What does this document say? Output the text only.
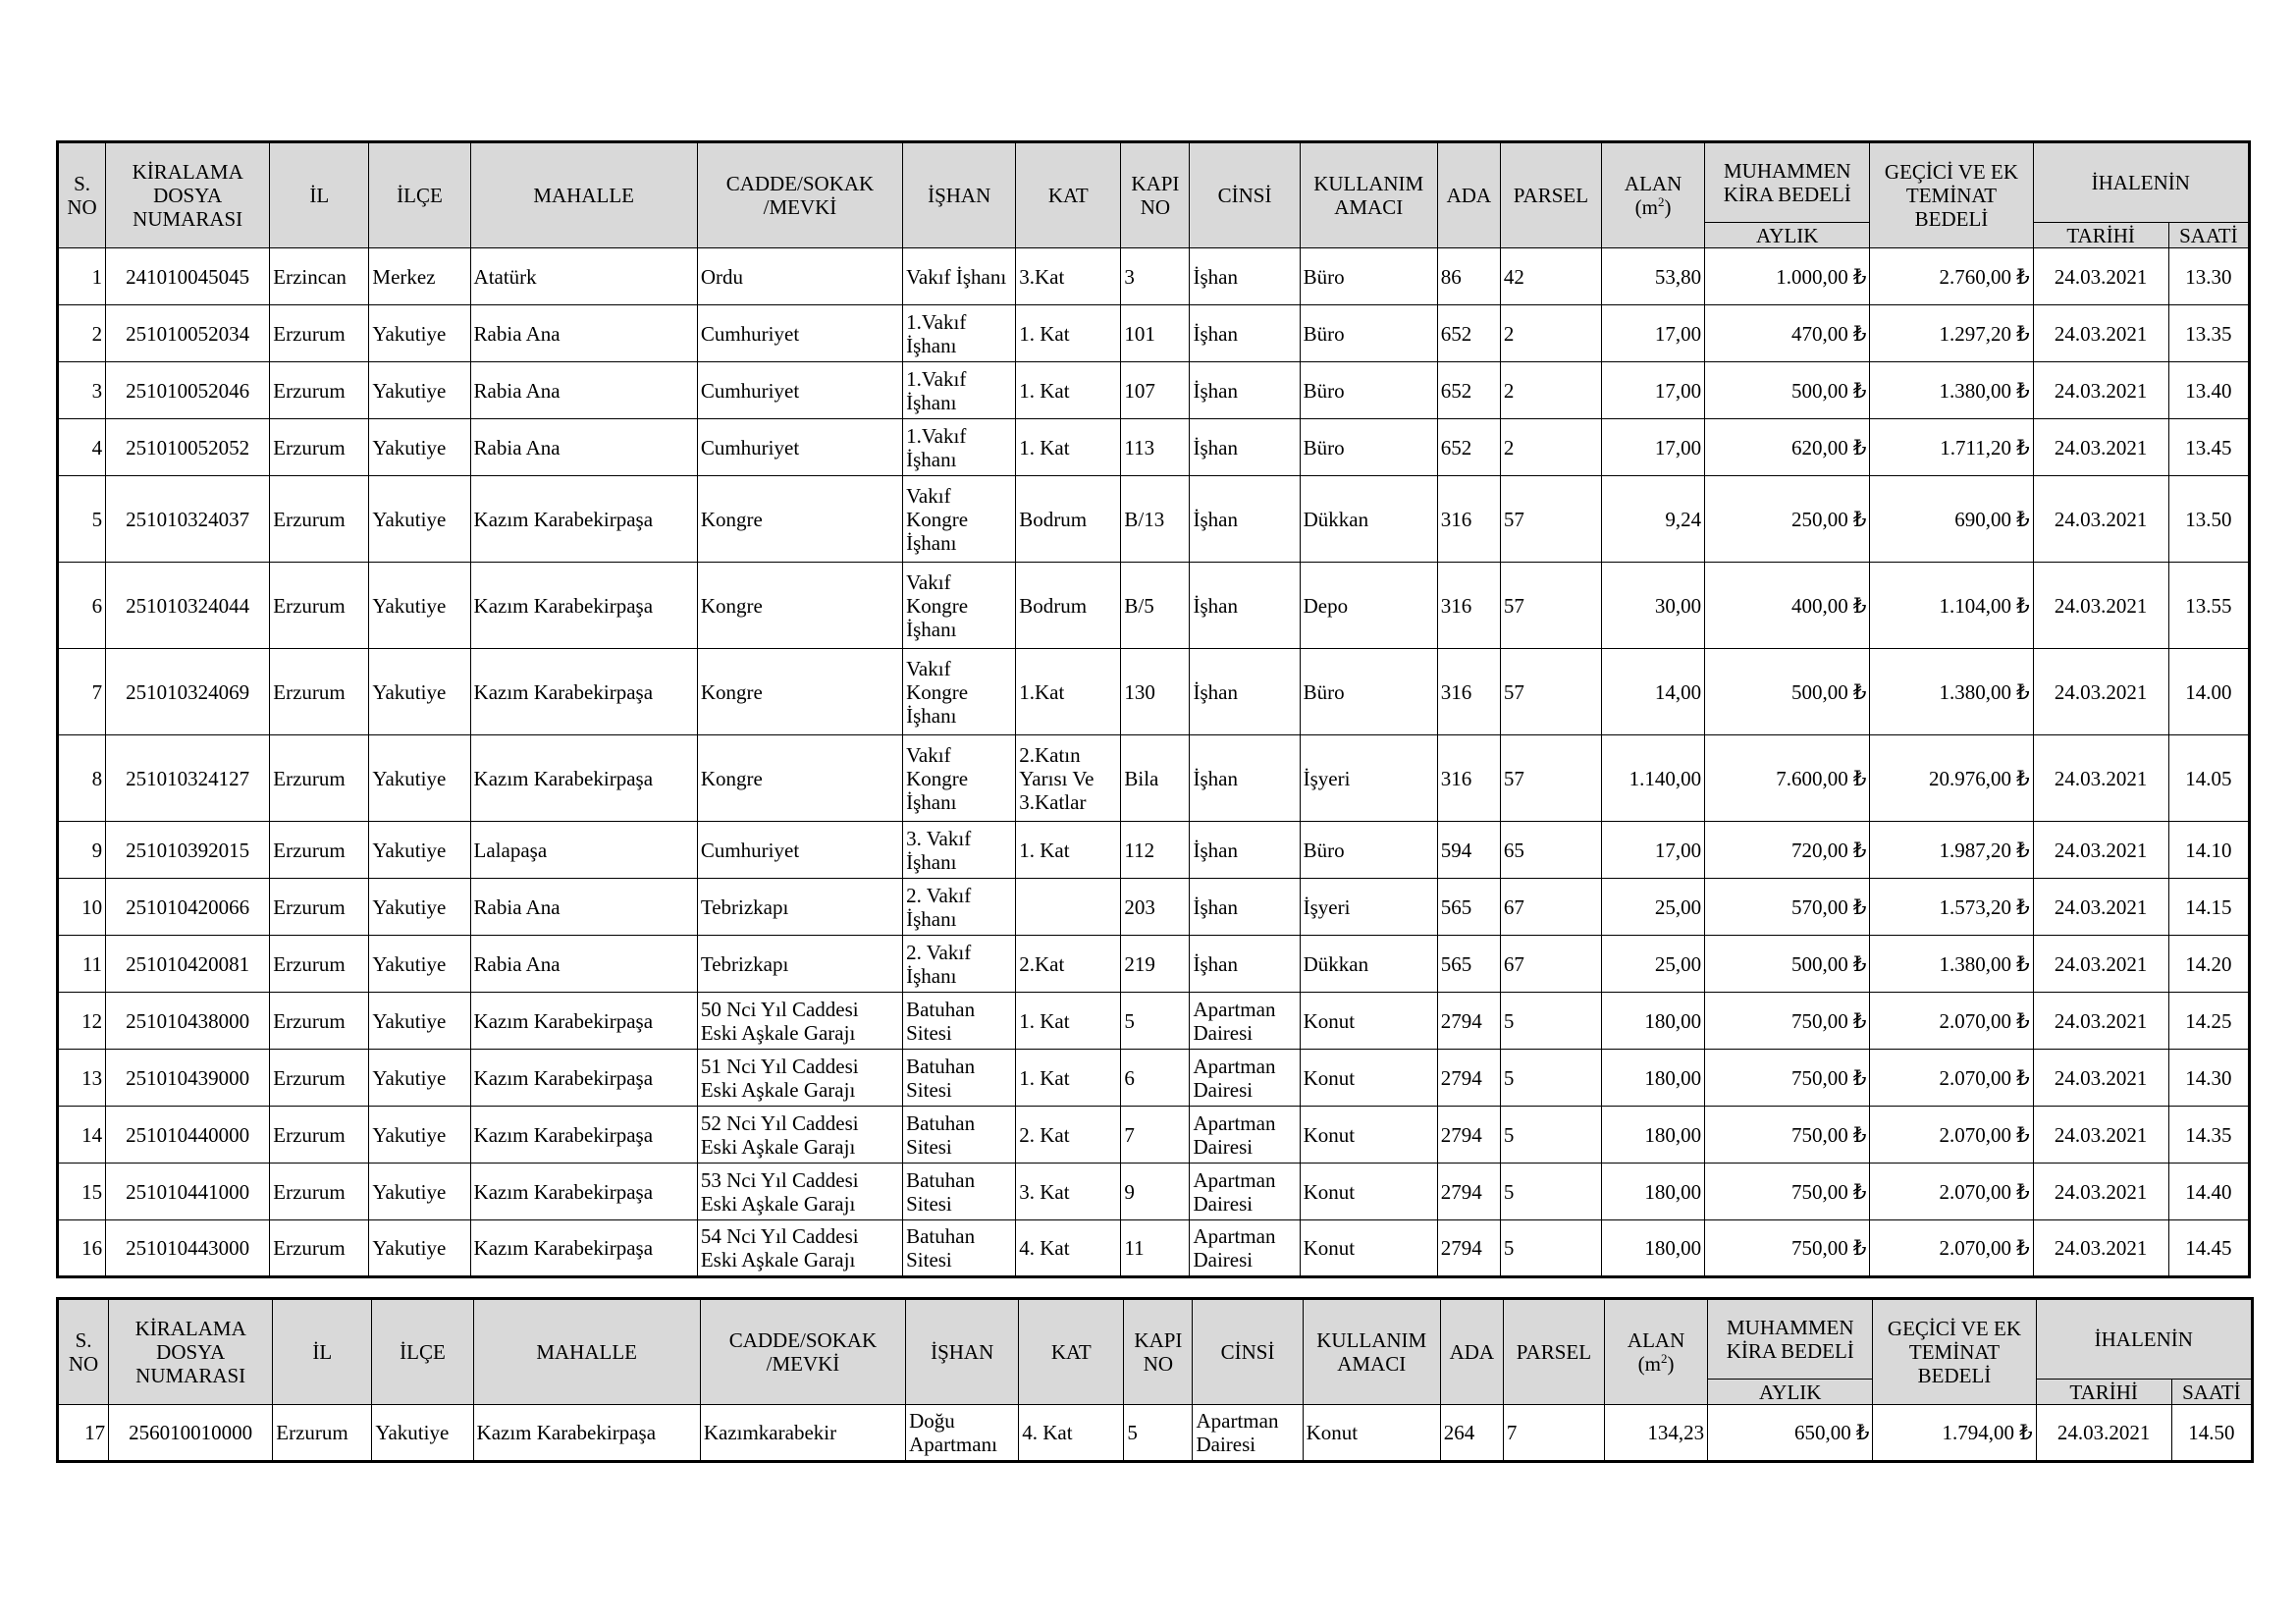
S. NO	KİRALAMA DOSYA NUMARASI	İL	İLÇE	MAHALLE	CADDE/SOKAK /MEVKİ	İŞHAN	KAT	KAPI NO	CİNSİ	KULLANIM AMACI	ADA	PARSEL	ALAN $(m^2)$	MUHAMMEN KİRA BEDELİ	GEÇİCİ VE EK TEMİNAT BEDELİ	İHALENİN	
														AYLIK		TARİHİ	SAATİ
1	241010045045	Erzincan	Merkez	Atatürk	Ordu	Vakıf İşhanı	3.Kat	3	İşhan	Büro	86	42	53,80	1.000,00 ₺	2.760,00 ₺	24.03.2021	13.30
2	251010052034	Erzurum	Yakutiye	Rabia Ana	Cumhuriyet	1.Vakıf İşhanı	1. Kat	101	İşhan	Büro	652	2	17,00	470,00 ₺	1.297,20 ₺	24.03.2021	13.35
3	251010052046	Erzurum	Yakutiye	Rabia Ana	Cumhuriyet	1.Vakıf İşhanı	1. Kat	107	İşhan	Büro	652	2	17,00	500,00 ₺	1.380,00 ₺	24.03.2021	13.40
4	251010052052	Erzurum	Yakutiye	Rabia Ana	Cumhuriyet	1.Vakıf İşhanı	1. Kat	113	İşhan	Büro	652	2	17,00	620,00 ₺	1.711,20 ₺	24.03.2021	13.45
5	251010324037	Erzurum	Yakutiye	Kazım Karabekirpaşa	Kongre	Vakıf Kongre İşhanı	Bodrum	B/13	İşhan	Dükkan	316	57	9,24	250,00 ₺	690,00 ₺	24.03.2021	13.50
6	251010324044	Erzurum	Yakutiye	Kazım Karabekirpaşa	Kongre	Vakıf Kongre İşhanı	Bodrum	B/5	İşhan	Depo	316	57	30,00	400,00 ₺	1.104,00 ₺	24.03.2021	13.55
7	251010324069	Erzurum	Yakutiye	Kazım Karabekirpaşa	Kongre	Vakıf Kongre İşhanı	1.Kat	130	İşhan	Büro	316	57	14,00	500,00 ₺	1.380,00 ₺	24.03.2021	14.00
8	251010324127	Erzurum	Yakutiye	Kazım Karabekirpaşa	Kongre	Vakıf Kongre İşhanı	2.Katın Yarısı Ve 3.Katlar	Bila	İşhan	İşyeri	316	57	1.140,00	7.600,00 ₺	20.976,00 ₺	24.03.2021	14.05
9	251010392015	Erzurum	Yakutiye	Lalapaşa	Cumhuriyet	3. Vakıf İşhanı	1. Kat	112	İşhan	Büro	594	65	17,00	720,00 ₺	1.987,20 ₺	24.03.2021	14.10
10	251010420066	Erzurum	Yakutiye	Rabia Ana	Tebrizkapı	2. Vakıf İşhanı		203	İşhan	İşyeri	565	67	25,00	570,00 ₺	1.573,20 ₺	24.03.2021	14.15
11	251010420081	Erzurum	Yakutiye	Rabia Ana	Tebrizkapı	2. Vakıf İşhanı	2.Kat	219	İşhan	Dükkan	565	67	25,00	500,00 ₺	1.380,00 ₺	24.03.2021	14.20
12	251010438000	Erzurum	Yakutiye	Kazım Karabekirpaşa	50 Nci Yıl Caddesi Eski Aşkale Garajı	Batuhan Sitesi	1. Kat	5	Apartman Dairesi	Konut	2794	5	180,00	750,00 ₺	2.070,00 ₺	24.03.2021	14.25
13	251010439000	Erzurum	Yakutiye	Kazım Karabekirpaşa	51 Nci Yıl Caddesi Eski Aşkale Garajı	Batuhan Sitesi	1. Kat	6	Apartman Dairesi	Konut	2794	5	180,00	750,00 ₺	2.070,00 ₺	24.03.2021	14.30
14	251010440000	Erzurum	Yakutiye	Kazım Karabekirpaşa	52 Nci Yıl Caddesi Eski Aşkale Garajı	Batuhan Sitesi	2. Kat	7	Apartman Dairesi	Konut	2794	5	180,00	750,00 ₺	2.070,00 ₺	24.03.2021	14.35
15	251010441000	Erzurum	Yakutiye	Kazım Karabekirpaşa	53 Nci Yıl Caddesi Eski Aşkale Garajı	Batuhan Sitesi	3. Kat	9	Apartman Dairesi	Konut	2794	5	180,00	750,00 ₺	2.070,00 ₺	24.03.2021	14.40
16	251010443000	Erzurum	Yakutiye	Kazım Karabekirpaşa	54 Nci Yıl Caddesi Eski Aşkale Garajı	Batuhan Sitesi	4. Kat	11	Apartman Dairesi	Konut	2794	5	180,00	750,00 ₺	2.070,00 ₺	24.03.2021	14.45
S. NO	KİRALAMA DOSYA NUMARASI	İL	İLÇE	MAHALLE	CADDE/SOKAK /MEVKİ	İŞHAN	KAT	KAPI NO	CİNSİ	KULLANIM AMACI	ADA	PARSEL	ALAN $(m^2)$	MUHAMMEN KİRA BEDELİ	GEÇİCİ VE EK TEMİNAT BEDELİ	İHALENİN	
														AYLIK		TARİHİ	SAATİ
17	256010010000	Erzurum	Yakutiye	Kazım Karabekirpaşa	Kazımkarabekir	Doğu Apartmanı	4. Kat	5	Apartman Dairesi	Konut	264	7	134,23	650,00 ₺	1.794,00 ₺	24.03.2021	14.50
